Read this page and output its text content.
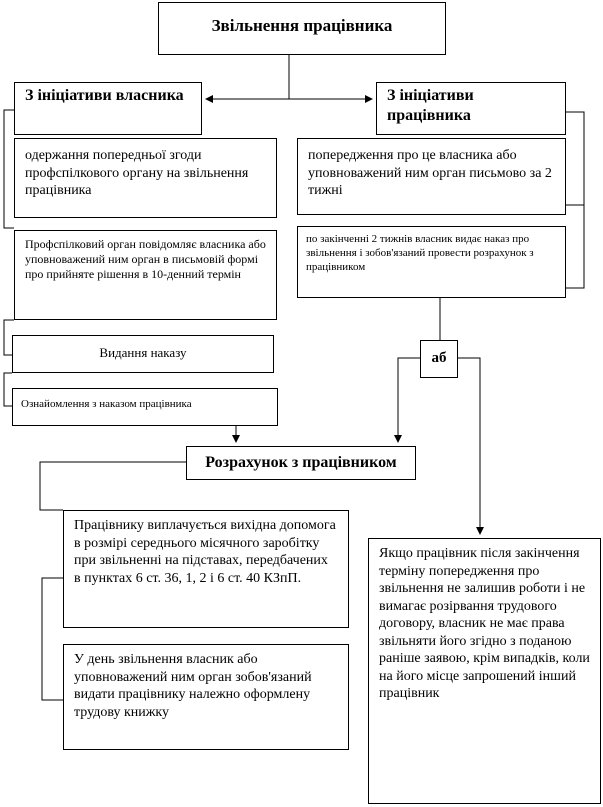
Звільнення працівника
З ініціативи власника	З ініціативи працівника
одержання попередньої згоди профспілкового органу на звільнення працівника
попередження про це власника або уповноважений ним орган письмово за 2 тижні
Профспілковий орган повідомляє власника або уповноважений ним орган в письмовій формі про прийняте рішення в 10-денний термін
по закінченні 2 тижнів власник видає наказ про звільнення і зобов'язаний провести розрахунок з працівником
Видання наказу
Ознайомлення з наказом працівника
аб
Розрахунок з працівником
Працівнику виплачується вихідна допомога в розмірі середнього місячного заробітку при звільненні на підставах, передбачених в пунктах 6 ст. 36, 1, 2 і 6 ст. 40 КЗпП.
У день звільнення власник або уповноважений ним орган зобов'язаний видати працівнику належно оформлену трудову книжку
Якщо працівник після закінчення терміну попередження про звільнення не залишив роботи і не вимагає розірвання трудового договору, власник не має права звільняти його згідно з поданою раніше заявою, крім випадків, коли на його місце запрошений інший працівник
